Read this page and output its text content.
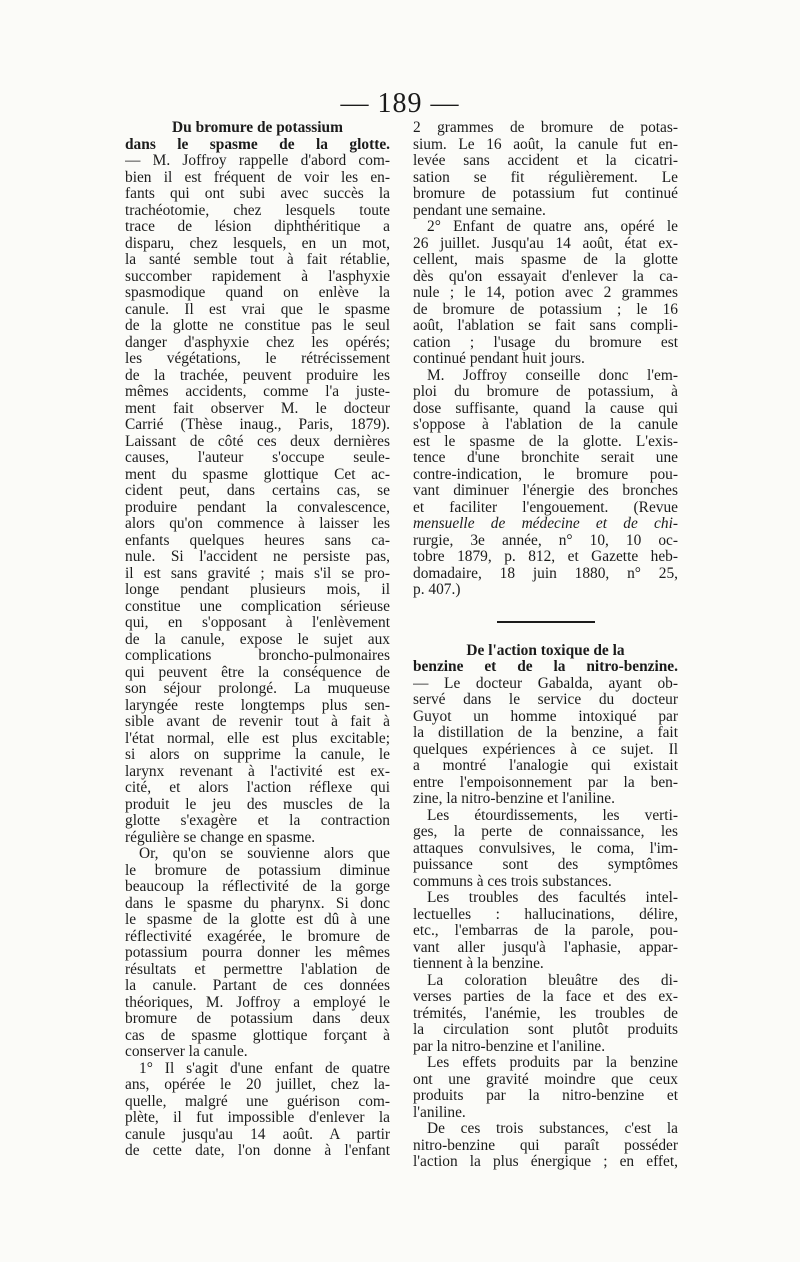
— 189 —
Du bromure de potassium
dans le spasme de la glotte.
— M. Joffroy rappelle d'abord com-
bien il est fréquent de voir les en-
fants qui ont subi avec succès la
trachéotomie, chez lesquels toute
trace de lésion diphthéritique a
disparu, chez lesquels, en un mot,
la santé semble tout à fait rétablie,
succomber rapidement à l'asphyxie
spasmodique quand on enlève la
canule. Il est vrai que le spasme
de la glotte ne constitue pas le seul
danger d'asphyxie chez les opérés;
les végétations, le rétrécissement
de la trachée, peuvent produire les
mêmes accidents, comme l'a juste-
ment fait observer M. le docteur
Carrié (Thèse inaug., Paris, 1879).
Laissant de côté ces deux dernières
causes, l'auteur s'occupe seule-
ment du spasme glottique Cet ac-
cident peut, dans certains cas, se
produire pendant la convalescence,
alors qu'on commence à laisser les
enfants quelques heures sans ca-
nule. Si l'accident ne persiste pas,
il est sans gravité ; mais s'il se pro-
longe pendant plusieurs mois, il
constitue une complication sérieuse
qui, en s'opposant à l'enlèvement
de la canule, expose le sujet aux
complications broncho-pulmonaires
qui peuvent être la conséquence de
son séjour prolongé. La muqueuse
laryngée reste longtemps plus sen-
sible avant de revenir tout à fait à
l'état normal, elle est plus excitable;
si alors on supprime la canule, le
larynx revenant à l'activité est ex-
cité, et alors l'action réflexe qui
produit le jeu des muscles de la
glotte s'exagère et la contraction
régulière se change en spasme.
Or, qu'on se souvienne alors que
le bromure de potassium diminue
beaucoup la réflectivité de la gorge
dans le spasme du pharynx. Si donc
le spasme de la glotte est dû à une
réflectivité exagérée, le bromure de
potassium pourra donner les mêmes
résultats et permettre l'ablation de
la canule. Partant de ces données
théoriques, M. Joffroy a employé le
bromure de potassium dans deux
cas de spasme glottique forçant à
conserver la canule.
1° Il s'agit d'une enfant de quatre
ans, opérée le 20 juillet, chez la-
quelle, malgré une guérison com-
plète, il fut impossible d'enlever la
canule jusqu'au 14 août. A partir
de cette date, l'on donne à l'enfant
2 grammes de bromure de potas-
sium. Le 16 août, la canule fut en-
levée sans accident et la cicatri-
sation se fit régulièrement. Le
bromure de potassium fut continué
pendant une semaine.
2° Enfant de quatre ans, opéré le
26 juillet. Jusqu'au 14 août, état ex-
cellent, mais spasme de la glotte
dès qu'on essayait d'enlever la ca-
nule ; le 14, potion avec 2 grammes
de bromure de potassium ; le 16
août, l'ablation se fait sans compli-
cation ; l'usage du bromure est
continué pendant huit jours.
M. Joffroy conseille donc l'em-
ploi du bromure de potassium, à
dose suffisante, quand la cause qui
s'oppose à l'ablation de la canule
est le spasme de la glotte. L'exis-
tence d'une bronchite serait une
contre-indication, le bromure pou-
vant diminuer l'énergie des bronches
et faciliter l'engouement. (Revue
mensuelle de médecine et de chi-
rurgie, 3e année, n° 10, 10 oc-
tobre 1879, p. 812, et Gazette heb-
domadaire, 18 juin 1880, n° 25,
p. 407.)
De l'action toxique de la
benzine et de la nitro-benzine.
— Le docteur Gabalda, ayant ob-
servé dans le service du docteur
Guyot un homme intoxiqué par
la distillation de la benzine, a fait
quelques expériences à ce sujet. Il
a montré l'analogie qui existait
entre l'empoisonnement par la ben-
zine, la nitro-benzine et l'aniline.
Les étourdissements, les verti-
ges, la perte de connaissance, les
attaques convulsives, le coma, l'im-
puissance sont des symptômes
communs à ces trois substances.
Les troubles des facultés intel-
lectuelles : hallucinations, délire,
etc., l'embarras de la parole, pou-
vant aller jusqu'à l'aphasie, appar-
tiennent à la benzine.
La coloration bleuâtre des di-
verses parties de la face et des ex-
trémités, l'anémie, les troubles de
la circulation sont plutôt produits
par la nitro-benzine et l'aniline.
Les effets produits par la benzine
ont une gravité moindre que ceux
produits par la nitro-benzine et
l'aniline.
De ces trois substances, c'est la
nitro-benzine qui paraît posséder
l'action la plus énergique ; en effet,
